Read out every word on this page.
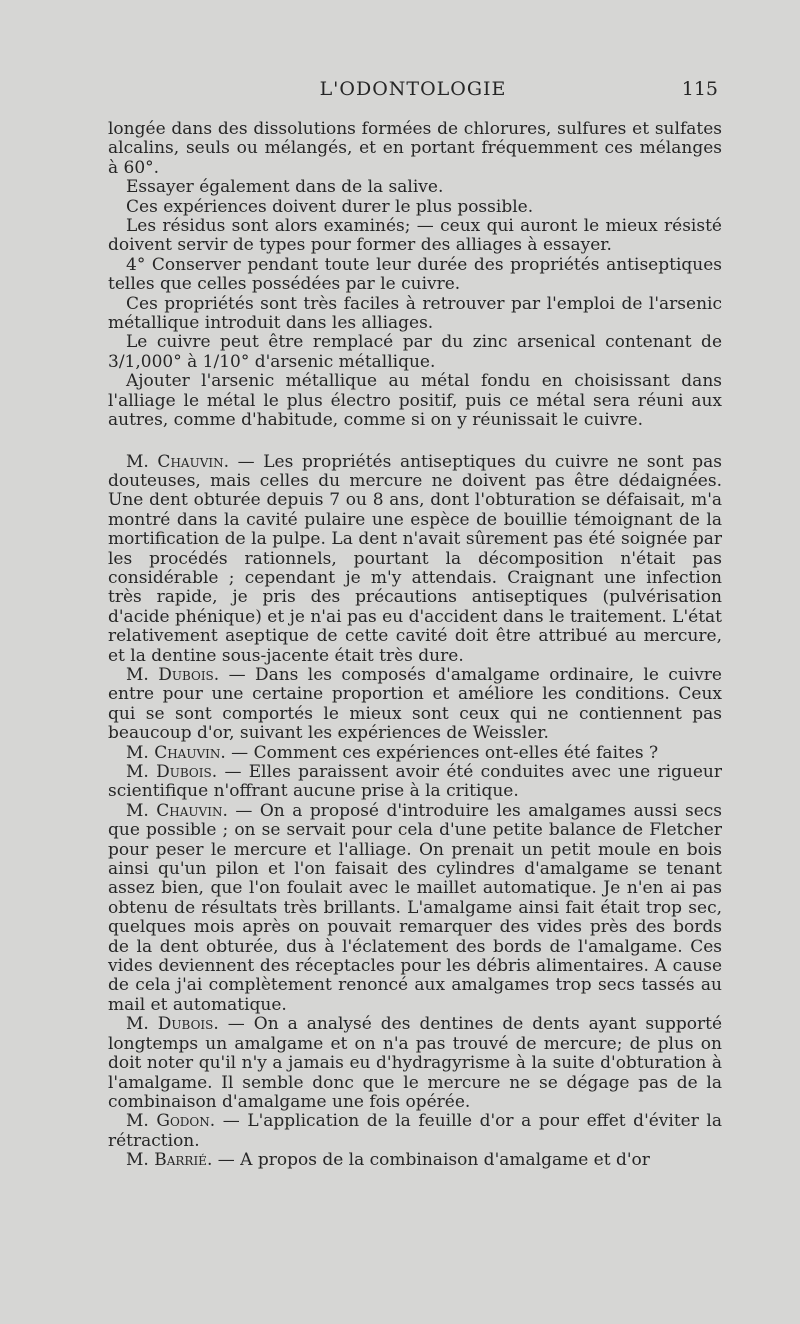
L'ODONTOLOGIE	115

longée dans des dissolutions formées de chlorures, sulfures et sulfates alcalins, seuls ou mélangés, et en portant fréquemment ces mélanges à 60°.

Essayer également dans de la salive.

Ces expériences doivent durer le plus possible.

Les résidus sont alors examinés; — ceux qui auront le mieux résisté doivent servir de types pour former des alliages à essayer.

4° Conserver pendant toute leur durée des propriétés antiseptiques telles que celles possédées par le cuivre.

Ces propriétés sont très faciles à retrouver par l'emploi de l'arsenic métallique introduit dans les alliages.

Le cuivre peut être remplacé par du zinc arsenical contenant de 3/1,000° à 1/10° d'arsenic métallique.

Ajouter l'arsenic métallique au métal fondu en choisissant dans l'alliage le métal le plus électro positif, puis ce métal sera réuni aux autres, comme d'habitude, comme si on y réunissait le cuivre.

M. Chauvin. — Les propriétés antiseptiques du cuivre ne sont pas douteuses, mais celles du mercure ne doivent pas être dédaignées. Une dent obturée depuis 7 ou 8 ans, dont l'obturation se défaisait, m'a montré dans la cavité pulaire une espèce de bouillie témoignant de la mortification de la pulpe. La dent n'avait sûrement pas été soignée par les procédés rationnels, pourtant la décomposition n'était pas considérable ; cependant je m'y attendais. Craignant une infection très rapide, je pris des précautions antiseptiques (pulvérisation d'acide phénique) et je n'ai pas eu d'accident dans le traitement. L'état relativement aseptique de cette cavité doit être attribué au mercure, et la dentine sous-jacente était très dure.

M. Dubois. — Dans les composés d'amalgame ordinaire, le cuivre entre pour une certaine proportion et améliore les conditions. Ceux qui se sont comportés le mieux sont ceux qui ne contiennent pas beaucoup d'or, suivant les expériences de Weissler.

M. Chauvin. — Comment ces expériences ont-elles été faites ?

M. Dubois. — Elles paraissent avoir été conduites avec une rigueur scientifique n'offrant aucune prise à la critique.

M. Chauvin. — On a proposé d'introduire les amalgames aussi secs que possible ; on se servait pour cela d'une petite balance de Fletcher pour peser le mercure et l'alliage. On prenait un petit moule en bois ainsi qu'un pilon et l'on faisait des cylindres d'amalgame se tenant assez bien, que l'on foulait avec le maillet automatique. Je n'en ai pas obtenu de résultats très brillants. L'amalgame ainsi fait était trop sec, quelques mois après on pouvait remarquer des vides près des bords de la dent obturée, dus à l'éclatement des bords de l'amalgame. Ces vides deviennent des réceptacles pour les débris alimentaires. A cause de cela j'ai complètement renoncé aux amalgames trop secs tassés au mail et automatique.

M. Dubois. — On a analysé des dentines de dents ayant supporté longtemps un amalgame et on n'a pas trouvé de mercure; de plus on doit noter qu'il n'y a jamais eu d'hydragyrisme à la suite d'obturation à l'amalgame. Il semble donc que le mercure ne se dégage pas de la combinaison d'amalgame une fois opérée.

M. Godon. — L'application de la feuille d'or a pour effet d'éviter la rétraction.

M. Barrié. — A propos de la combinaison d'amalgame et d'or
